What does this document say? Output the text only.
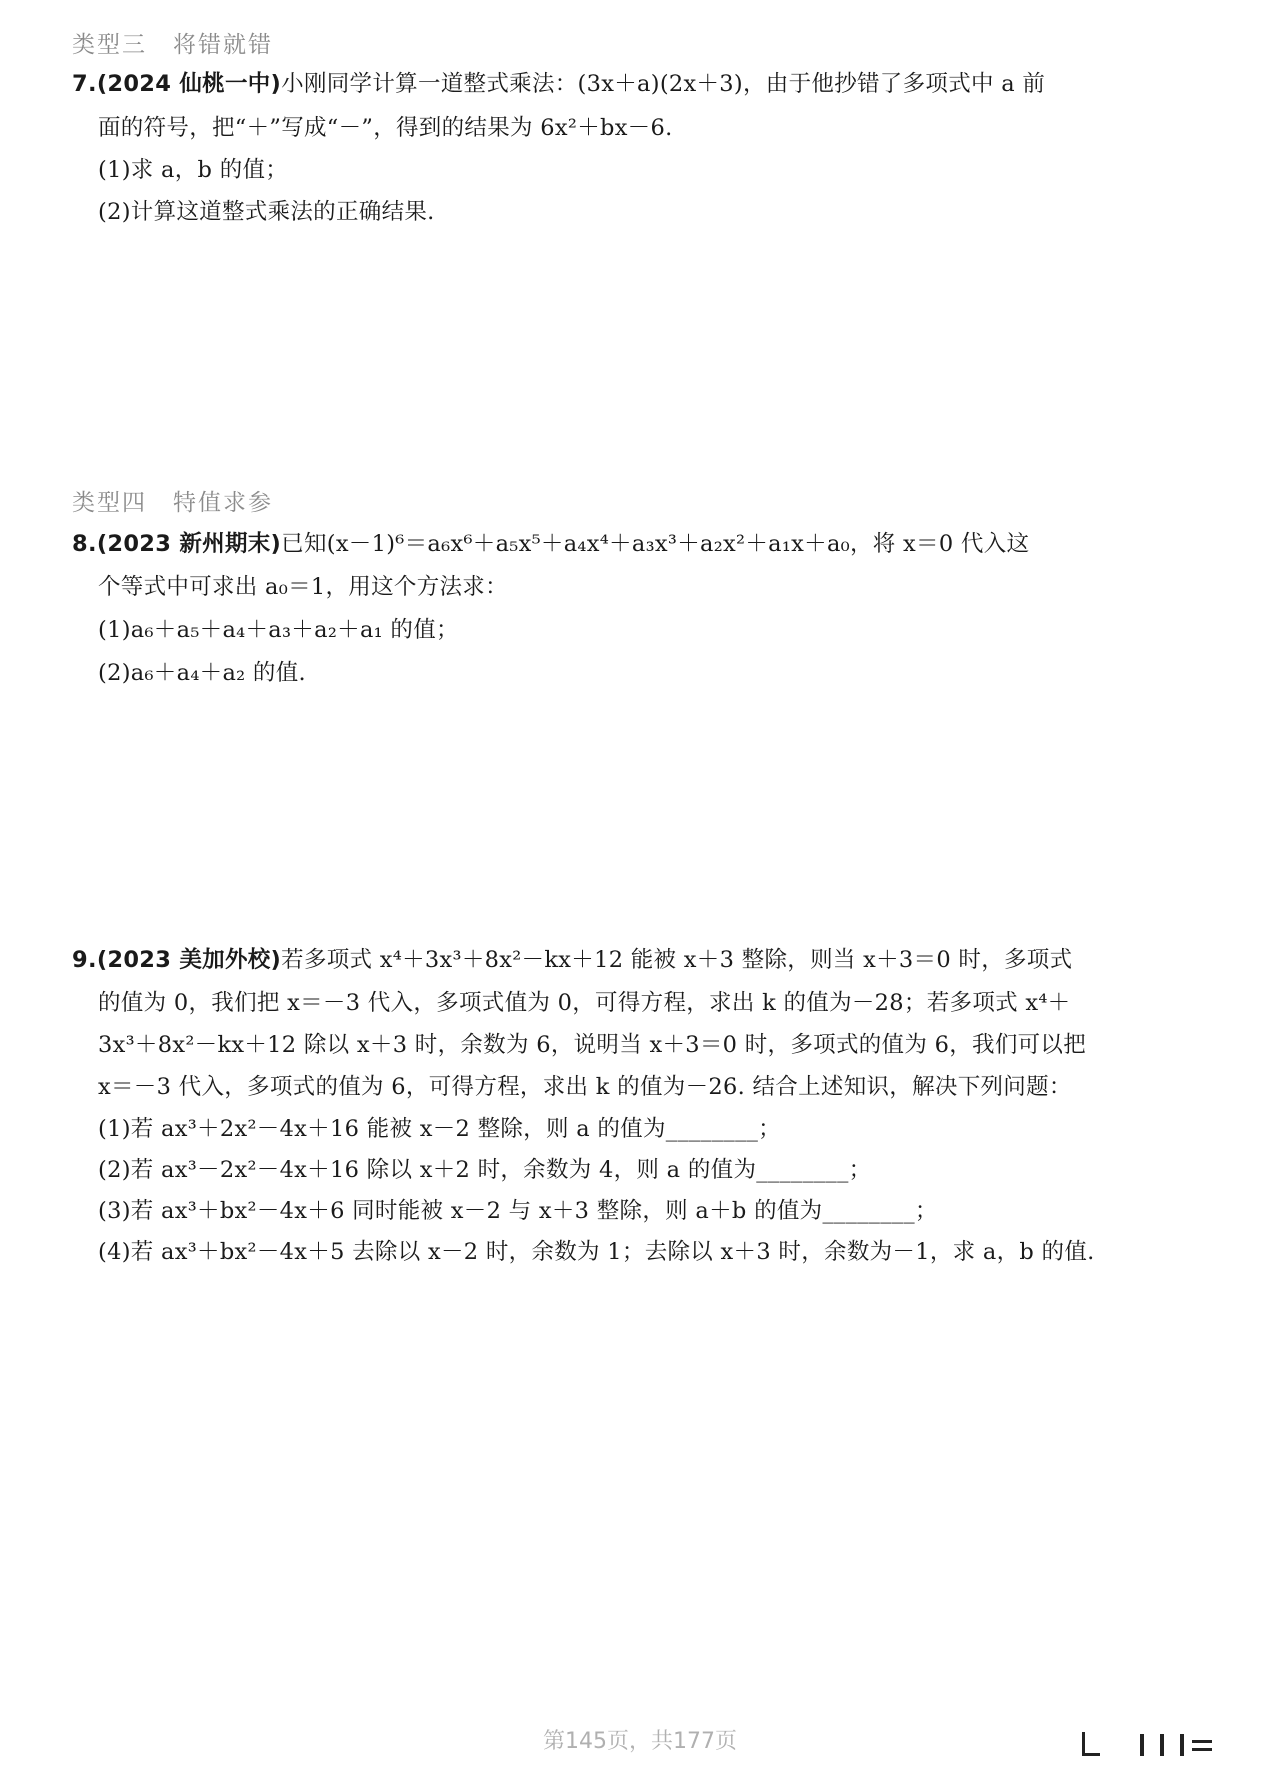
类型三 将错就错
7.(2024 仙桃一中)小刚同学计算一道整式乘法：(3x＋a)(2x＋3)，由于他抄错了多项式中 a 前
面的符号，把“＋”写成“－”，得到的结果为 6x²＋bx－6.
(1)求 a，b 的值；
(2)计算这道整式乘法的正确结果.
类型四 特值求参
8.(2023 新州期末)已知(x－1)⁶＝a₆x⁶＋a₅x⁵＋a₄x⁴＋a₃x³＋a₂x²＋a₁x＋a₀，将 x＝0 代入这
个等式中可求出 a₀＝1，用这个方法求：
(1)a₆＋a₅＋a₄＋a₃＋a₂＋a₁ 的值；
(2)a₆＋a₄＋a₂ 的值.
9.(2023 美加外校)若多项式 x⁴＋3x³＋8x²－kx＋12 能被 x＋3 整除，则当 x＋3＝0 时，多项式
的值为 0，我们把 x＝－3 代入，多项式值为 0，可得方程，求出 k 的值为－28；若多项式 x⁴＋
3x³＋8x²－kx＋12 除以 x＋3 时，余数为 6，说明当 x＋3＝0 时，多项式的值为 6，我们可以把
x＝－3 代入，多项式的值为 6，可得方程，求出 k 的值为－26. 结合上述知识，解决下列问题：
(1)若 ax³＋2x²－4x＋16 能被 x－2 整除，则 a 的值为________；
(2)若 ax³－2x²－4x＋16 除以 x＋2 时，余数为 4，则 a 的值为________；
(3)若 ax³＋bx²－4x＋6 同时能被 x－2 与 x＋3 整除，则 a＋b 的值为________；
(4)若 ax³＋bx²－4x＋5 去除以 x－2 时，余数为 1；去除以 x＋3 时，余数为－1，求 a，b 的值.
第145页，共177页
